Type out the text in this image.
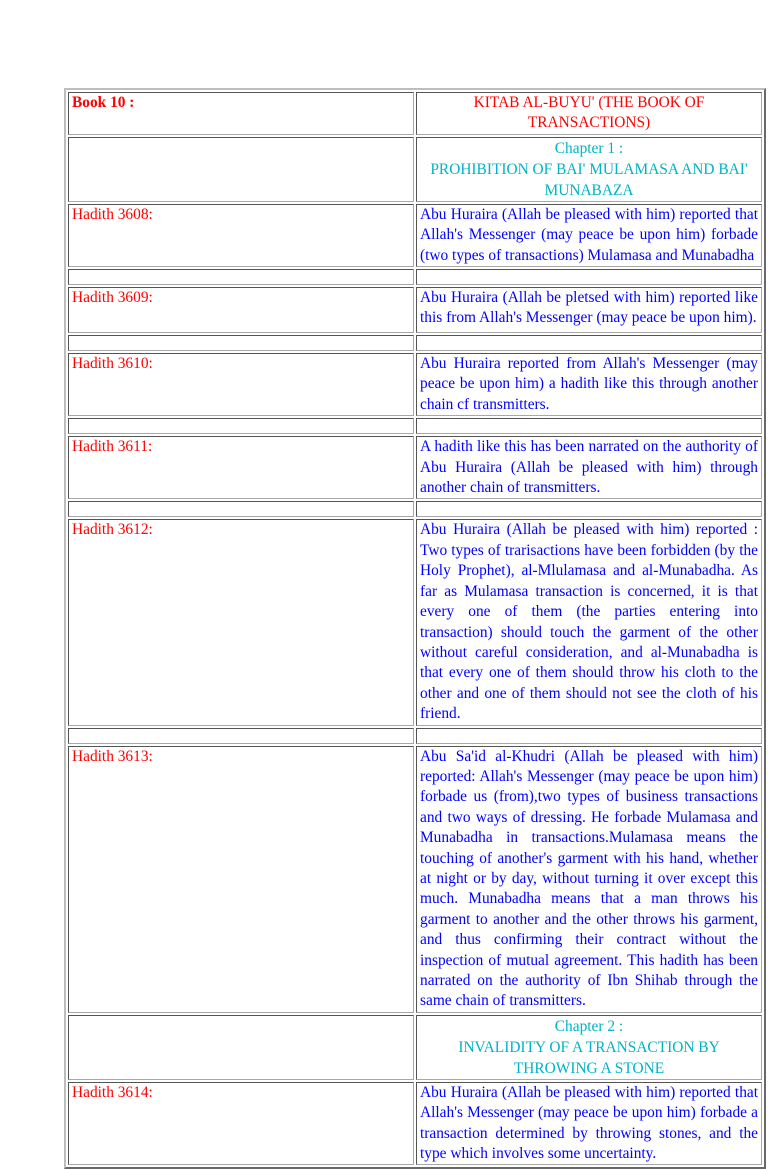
Book 10 :	KITAB AL-BUYU' (THE BOOK OF TRANSACTIONS)

	Chapter 1 :
PROHIBITION OF BAI' MULAMASA AND BAI' MUNABAZA

Hadith 3608:	Abu Huraira (Allah be pleased with him) reported that Allah's Messenger (may peace be upon him) forbade (two types of transactions) Mulamasa and Munabadha

Hadith 3609:	Abu Huraira (Allah be pletsed with him) reported like this from Allah's Messenger (may peace be upon him).

Hadith 3610:	Abu Huraira reported from Allah's Messenger (may peace be upon him) a hadith like this through another chain cf transmitters.

Hadith 3611:	A hadith like this has been narrated on the authority of Abu Huraira (Allah be pleased with him) through another chain of transmitters.

Hadith 3612:	Abu Huraira (Allah be pleased with him) reported : Two types of trarisactions have been forbidden (by the Holy Prophet), al-Mlulamasa and al-Munabadha. As far as Mulamasa transaction is concerned, it is that every one of them (the parties entering into transaction) should touch the garment of the other without careful consideration, and al-Munabadha is that every one of them should throw his cloth to the other and one of them should not see the cloth of his friend.

Hadith 3613:	Abu Sa'id al-Khudri (Allah be pleased with him) reported: Allah's Messenger (may peace be upon him) forbade us (from),two types of business transactions and two ways of dressing. He forbade Mulamasa and Munabadha in transactions.Mulamasa means the touching of another's garment with his hand, whether at night or by day, without turning it over except this much. Munabadha means that a man throws his garment to another and the other throws his garment, and thus confirming their contract without the inspection of mutual agreement. This hadith has been narrated on the authority of Ibn Shihab through the same chain of transmitters.

	Chapter 2 :
INVALIDITY OF A TRANSACTION BY THROWING A STONE

Hadith 3614:	Abu Huraira (Allah be pleased with him) reported that Allah's Messenger (may peace be upon him) forbade a transaction determined by throwing stones, and the type which involves some uncertainty.
